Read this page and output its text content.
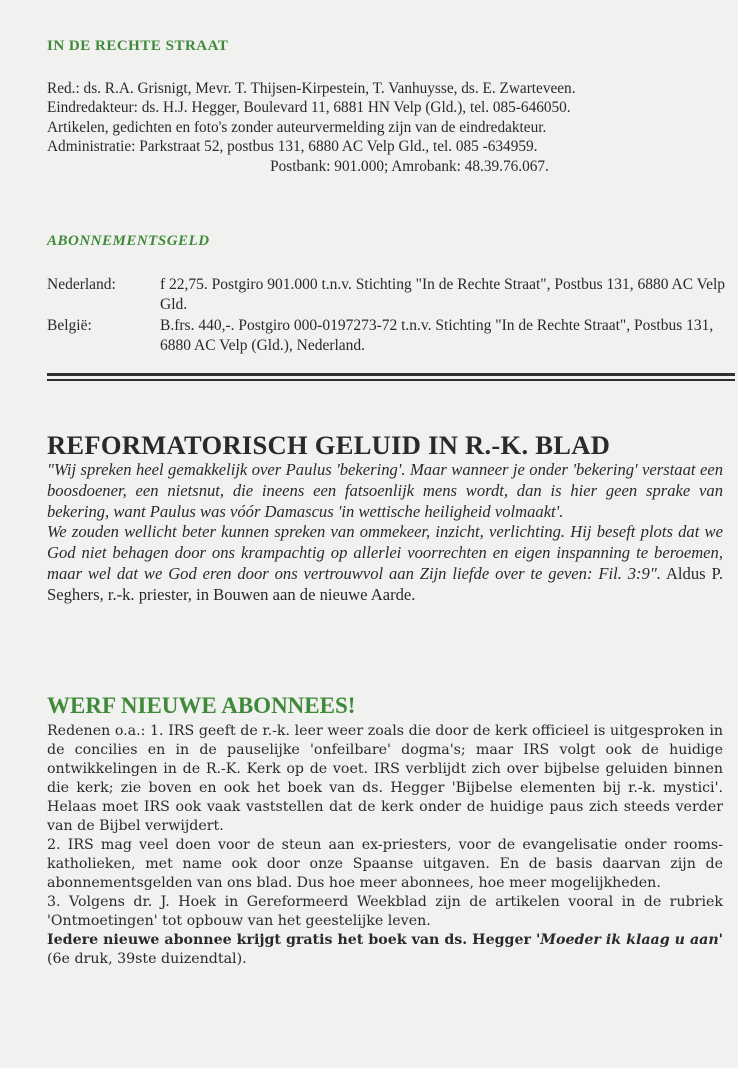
IN DE RECHTE STRAAT
Red.: ds. R.A. Grisnigt, Mevr. T. Thijsen-Kirpestein, T. Vanhuysse, ds. E. Zwarteveen.
Eindredakteur: ds. H.J. Hegger, Boulevard 11, 6881 HN Velp (Gld.), tel. 085-646050.
Artikelen, gedichten en foto's zonder auteurvermelding zijn van de eindredakteur.
Administratie: Parkstraat 52, postbus 131, 6880 AC Velp Gld., tel. 085 -634959.
Postbank: 901.000; Amrobank: 48.39.76.067.
ABONNEMENTSGELD
Nederland:	f 22,75. Postgiro 901.000 t.n.v. Stichting "In de Rechte Straat", Postbus 131, 6880 AC Velp Gld.
België:	B.frs. 440,-. Postgiro 000-0197273-72 t.n.v. Stichting "In de Rechte Straat", Postbus 131, 6880 AC Velp (Gld.), Nederland.
REFORMATORISCH GELUID IN R.-K. BLAD

"Wij spreken heel gemakkelijk over Paulus 'bekering'. Maar wanneer je onder 'bekering' verstaat een boosdoener, een nietsnut, die ineens een fatsoenlijk mens wordt, dan is hier geen sprake van bekering, want Paulus was vóór Damascus 'in wettische heiligheid volmaakt'.

We zouden wellicht beter kunnen spreken van ommekeer, inzicht, verlichting. Hij beseft plots dat we God niet behagen door ons krampachtig op allerlei voorrechten en eigen inspanning te beroemen, maar wel dat we God eren door ons vertrouwvol aan Zijn liefde over te geven: Fil. 3:9". Aldus P. Seghers, r.-k. priester, in Bouwen aan de nieuwe Aarde.

WERF NIEUWE ABONNEES!

Redenen o.a.: 1. IRS geeft de r.-k. leer weer zoals die door de kerk officieel is uitgesproken in de concilies en in de pauselijke 'onfeilbare' dogma's; maar IRS volgt ook de huidige ontwikkelingen in de R.-K. Kerk op de voet. IRS verblijdt zich over bijbelse geluiden binnen die kerk; zie boven en ook het boek van ds. Hegger 'Bijbelse elementen bij r.-k. mystici'. Helaas moet IRS ook vaak vaststellen dat de kerk onder de huidige paus zich steeds verder van de Bijbel verwijdert.

2. IRS mag veel doen voor de steun aan ex-priesters, voor de evangelisatie onder rooms-katholieken, met name ook door onze Spaanse uitgaven. En de basis daarvan zijn de abonnementsgelden van ons blad. Dus hoe meer abonnees, hoe meer mogelijkheden.

3. Volgens dr. J. Hoek in Gereformeerd Weekblad zijn de artikelen vooral in de rubriek 'Ontmoetingen' tot opbouw van het geestelijke leven.

Iedere nieuwe abonnee krijgt gratis het boek van ds. Hegger 'Moeder ik klaag u aan' (6e druk, 39ste duizendtal).
